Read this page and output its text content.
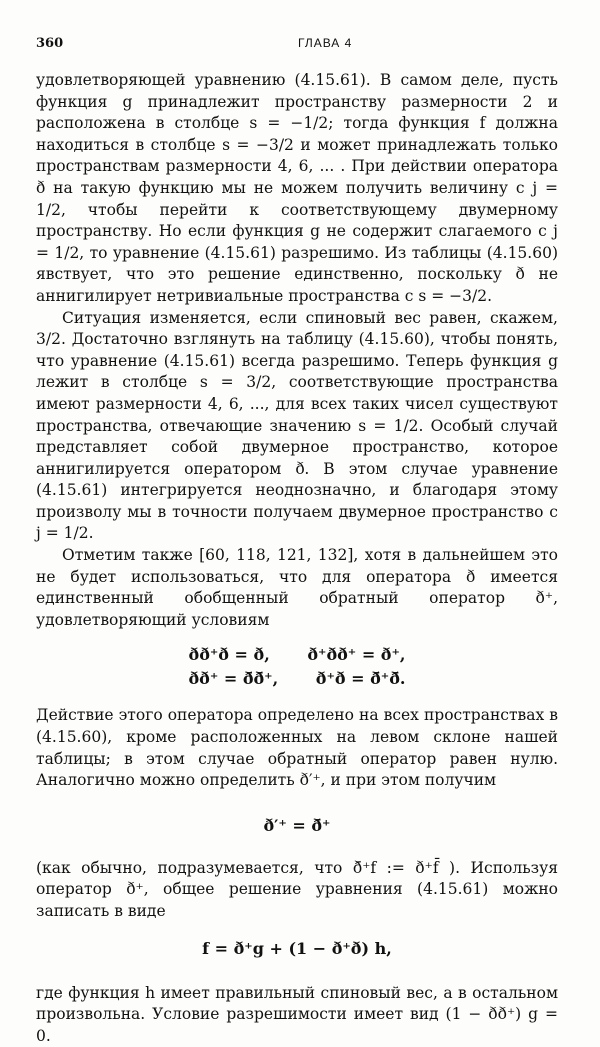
360	ГЛАВА 4

удовлетворяющей уравнению (4.15.61). В самом деле, пусть функция g принадлежит пространству размерности 2 и расположена в столбце s = −1/2; тогда функция f должна находиться в столбце s = −3/2 и может принадлежать только пространствам размерности 4, 6, ... . При действии оператора ð на такую функцию мы не можем получить величину с j = 1/2, чтобы перейти к соответствующему двумерному пространству. Но если функция g не содержит слагаемого с j = 1/2, то уравнение (4.15.61) разрешимо. Из таблицы (4.15.60) явствует, что это решение единственно, поскольку ð не аннигилирует нетривиальные пространства с s = −3/2.

Ситуация изменяется, если спиновый вес равен, скажем, 3/2. Достаточно взглянуть на таблицу (4.15.60), чтобы понять, что уравнение (4.15.61) всегда разрешимо. Теперь функция g лежит в столбце s = 3/2, соответствующие пространства имеют размерности 4, 6, ..., для всех таких чисел существуют пространства, отвечающие значению s = 1/2. Особый случай представляет собой двумерное пространство, которое аннигилируется оператором ð. В этом случае уравнение (4.15.61) интегрируется неоднозначно, и благодаря этому произволу мы в точности получаем двумерное пространство с j = 1/2.

Отметим также [60, 118, 121, 132], хотя в дальнейшем это не будет использоваться, что для оператора ð имеется единственный обобщенный обратный оператор ð⁺, удовлетворяющий условиям

ðð⁺ð = ð, ð⁺ðð⁺ = ð⁺,

ðð⁺ = ð̄ð̄⁺, ð⁺ð = ð̄⁺ð̄.

Действие этого оператора определено на всех пространствах в (4.15.60), кроме расположенных на левом склоне нашей таблицы; в этом случае обратный оператор равен нулю. Аналогично можно определить ð′⁺, и при этом получим

ð′⁺ = ð̄⁺

(как обычно, подразумевается, что ð̄⁺f := ð⁺f̄ ). Используя оператор ð⁺, общее решение уравнения (4.15.61) можно записать в виде

f = ð⁺g + (1 − ð⁺ð) h,

где функция h имеет правильный спиновый вес, а в остальном произвольна. Условие разрешимости имеет вид (1 − ðð⁺) g = 0.
